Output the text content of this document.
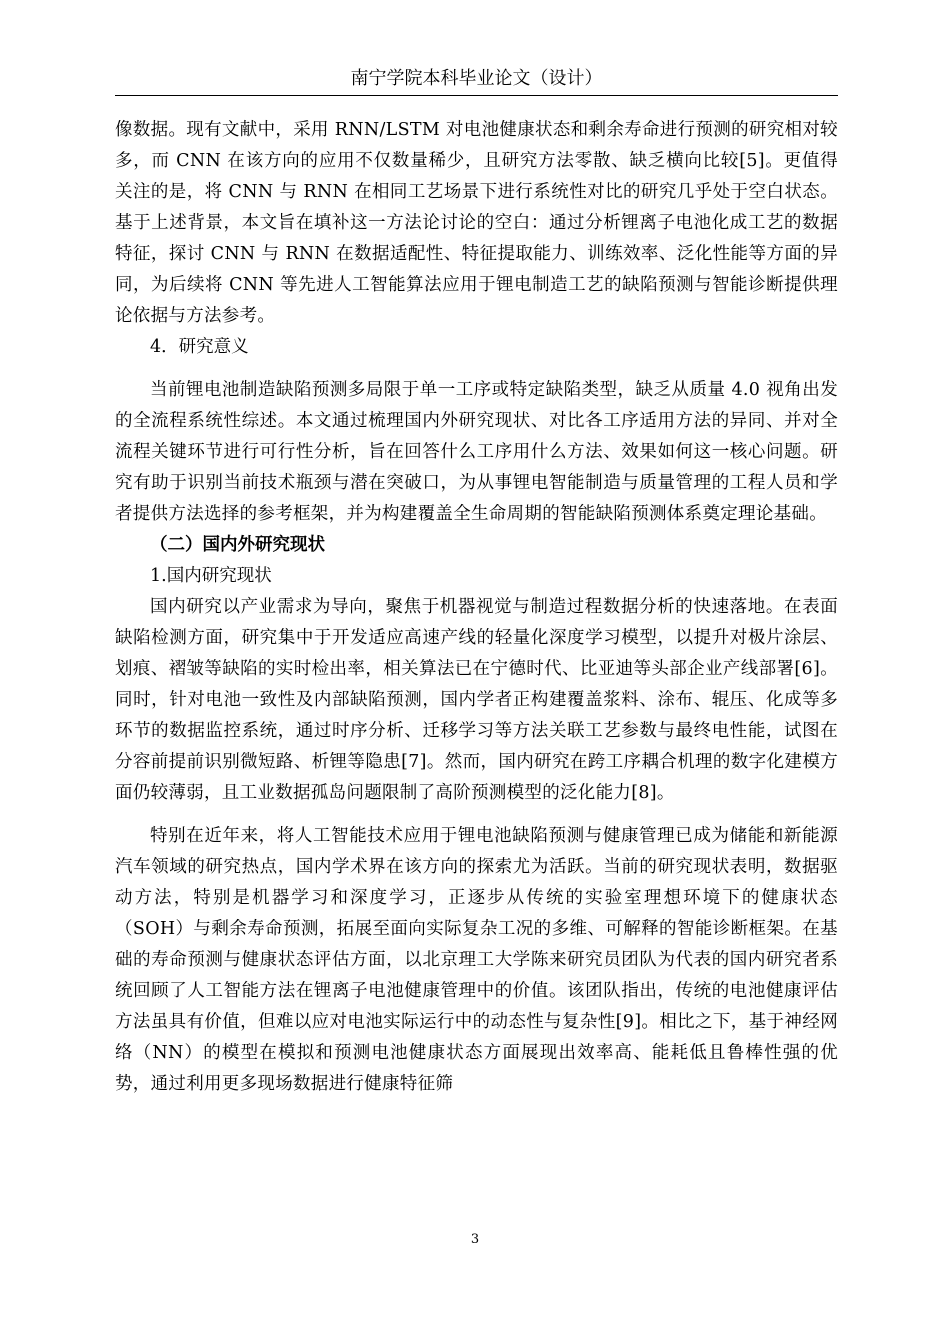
南宁学院本科毕业论文（设计）

像数据。现有文献中，采用 RNN/LSTM 对电池健康状态和剩余寿命进行预测的研究相对较多，而 CNN 在该方向的应用不仅数量稀少，且研究方法零散、缺乏横向比较[5]。更值得关注的是，将 CNN 与 RNN 在相同工艺场景下进行系统性对比的研究几乎处于空白状态。基于上述背景，本文旨在填补这一方法论讨论的空白：通过分析锂离子电池化成工艺的数据特征，探讨 CNN 与 RNN 在数据适配性、特征提取能力、训练效率、泛化性能等方面的异同，为后续将 CNN 等先进人工智能算法应用于锂电制造工艺的缺陷预测与智能诊断提供理论依据与方法参考。

4．研究意义

当前锂电池制造缺陷预测多局限于单一工序或特定缺陷类型，缺乏从质量 4.0 视角出发的全流程系统性综述。本文通过梳理国内外研究现状、对比各工序适用方法的异同、并对全流程关键环节进行可行性分析，旨在回答什么工序用什么方法、效果如何这一核心问题。研究有助于识别当前技术瓶颈与潜在突破口，为从事锂电智能制造与质量管理的工程人员和学者提供方法选择的参考框架，并为构建覆盖全生命周期的智能缺陷预测体系奠定理论基础。

（二）国内外研究现状

1.国内研究现状

国内研究以产业需求为导向，聚焦于机器视觉与制造过程数据分析的快速落地。在表面缺陷检测方面，研究集中于开发适应高速产线的轻量化深度学习模型，以提升对极片涂层、划痕、褶皱等缺陷的实时检出率，相关算法已在宁德时代、比亚迪等头部企业产线部署[6]。同时，针对电池一致性及内部缺陷预测，国内学者正构建覆盖浆料、涂布、辊压、化成等多环节的数据监控系统，通过时序分析、迁移学习等方法关联工艺参数与最终电性能，试图在分容前提前识别微短路、析锂等隐患[7]。然而，国内研究在跨工序耦合机理的数字化建模方面仍较薄弱，且工业数据孤岛问题限制了高阶预测模型的泛化能力[8]。

特别在近年来，将人工智能技术应用于锂电池缺陷预测与健康管理已成为储能和新能源汽车领域的研究热点，国内学术界在该方向的探索尤为活跃。当前的研究现状表明，数据驱动方法，特别是机器学习和深度学习，正逐步从传统的实验室理想环境下的健康状态（SOH）与剩余寿命预测，拓展至面向实际复杂工况的多维、可解释的智能诊断框架。在基础的寿命预测与健康状态评估方面，以北京理工大学陈来研究员团队为代表的国内研究者系统回顾了人工智能方法在锂离子电池健康管理中的价值。该团队指出，传统的电池健康评估方法虽具有价值，但难以应对电池实际运行中的动态性与复杂性[9]。相比之下，基于神经网络（NN）的模型在模拟和预测电池健康状态方面展现出效率高、能耗低且鲁棒性强的优势，通过利用更多现场数据进行健康特征筛

3
